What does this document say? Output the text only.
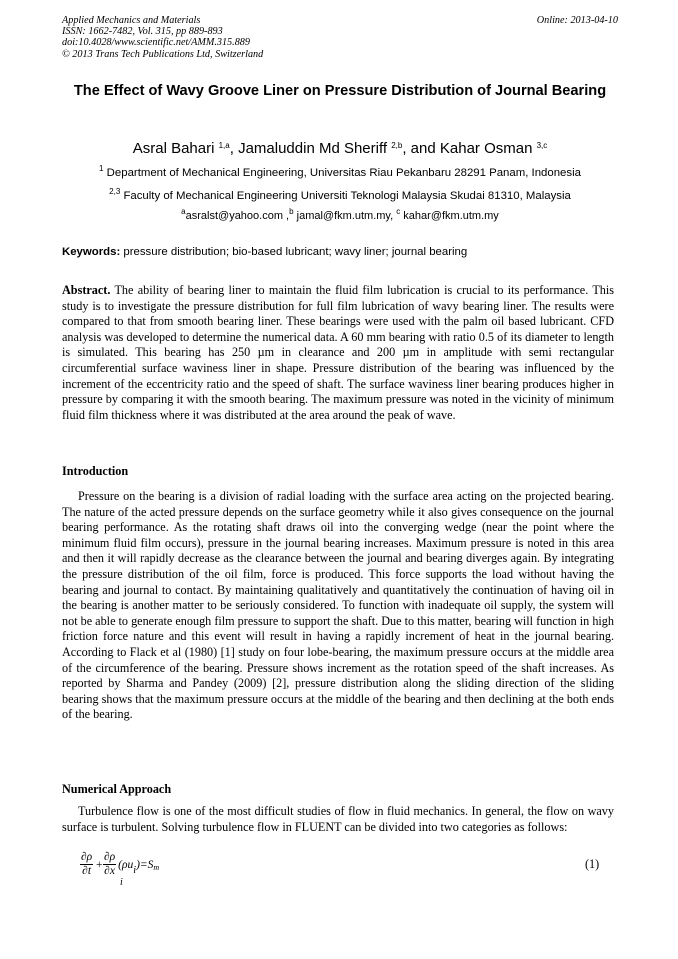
Applied Mechanics and Materials
ISSN: 1662-7482, Vol. 315, pp 889-893
doi:10.4028/www.scientific.net/AMM.315.889
© 2013 Trans Tech Publications Ltd, Switzerland
Online: 2013-04-10
The Effect of Wavy Groove Liner on Pressure Distribution of Journal Bearing
Asral Bahari $^{1,a}$, Jamaluddin Md Sheriff $^{2,b}$, and Kahar Osman $^{3,c}$
$^1$ Department of Mechanical Engineering, Universitas Riau Pekanbaru 28291 Panam, Indonesia
$^{2,3}$ Faculty of Mechanical Engineering Universiti Teknologi Malaysia Skudai 81310, Malaysia
$^a$asralst@yahoo.com ,$^b$ jamal@fkm.utm.my, $^c$ kahar@fkm.utm.my
Keywords: pressure distribution; bio-based lubricant; wavy liner; journal bearing
Abstract. The ability of bearing liner to maintain the fluid film lubrication is crucial to its performance. This study is to investigate the pressure distribution for full film lubrication of wavy bearing liner. The results were compared to that from smooth bearing liner. These bearings were used with the palm oil based lubricant. CFD analysis was developed to determine the numerical data. A 60 mm bearing with ratio 0.5 of its diameter to length is simulated. This bearing has 250 µm in clearance and 200 µm in amplitude with semi rectangular circumferential surface waviness liner in shape. Pressure distribution of the bearing was influenced by the increment of the eccentricity ratio and the speed of shaft. The surface waviness liner bearing produces higher in pressure by comparing it with the smooth bearing. The maximum pressure was noted in the vicinity of minimum fluid film thickness where it was distributed at the area around the peak of wave.
Introduction
Pressure on the bearing is a division of radial loading with the surface area acting on the projected bearing. The nature of the acted pressure depends on the surface geometry while it also gives consequence on the journal bearing performance. As the rotating shaft draws oil into the converging wedge (near the point where the minimum fluid film occurs), pressure in the journal bearing increases. Maximum pressure is noted in this area and then it will rapidly decrease as the clearance between the journal and bearing diverges again. By integrating the pressure distribution of the oil film, force is produced. This force supports the load without having the bearing and journal to contact. By maintaining qualitatively and quantitatively the continuation of having oil in the bearing is another matter to be seriously considered. To function with inadequate oil supply, the system will not be able to generate enough film pressure to support the shaft. Due to this matter, bearing will function in high friction force nature and this event will result in having a rapidly increment of heat in the journal bearing. According to Flack et al (1980) [1] study on four lobe-bearing, the maximum pressure occurs at the middle area of the circumference of the bearing. Pressure shows increment as the rotation speed of the shaft increases. As reported by Sharma and Pandey (2009) [2], pressure distribution along the sliding direction of the sliding bearing shows that the maximum pressure occurs at the middle of the bearing and then declining at the both ends of the bearing.
Numerical Approach
Turbulence flow is one of the most difficult studies of flow in fluid mechanics. In general, the flow on wavy surface is turbulent. Solving turbulence flow in FLUENT can be divided into two categories as follows:
$\frac{\partial\rho}{\partial t} + \frac{\partial\rho}{\partial x} (\rho u$ i )=S m
i
(1)
